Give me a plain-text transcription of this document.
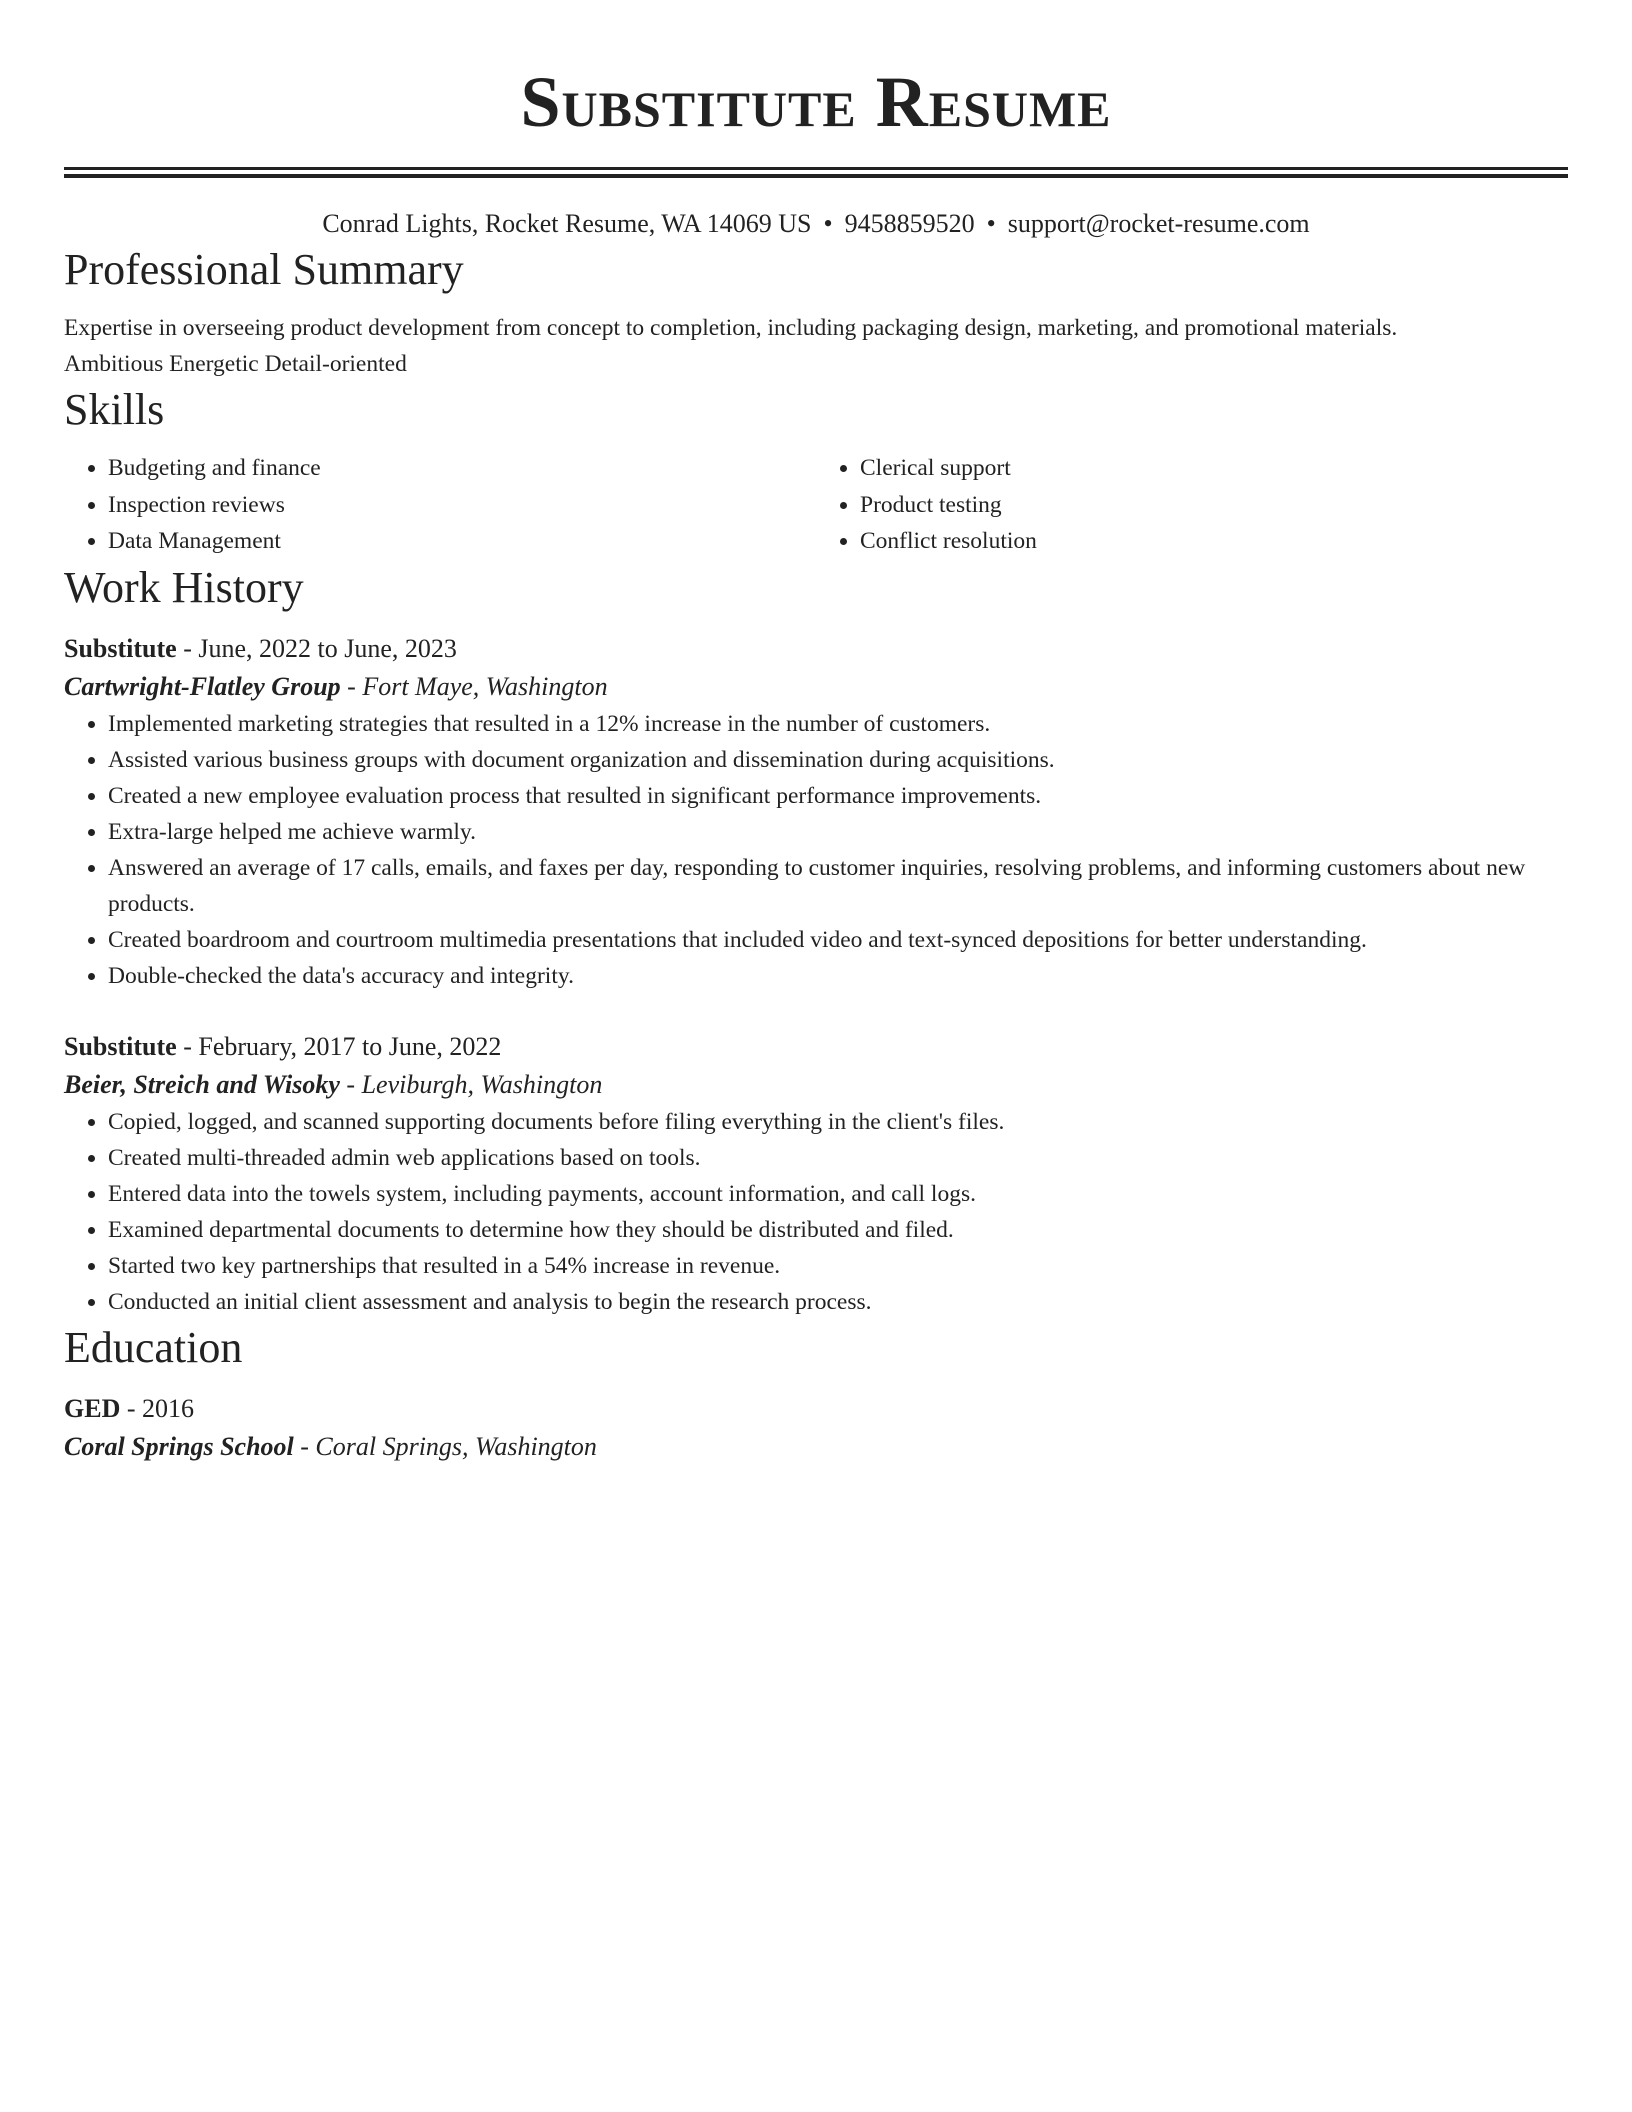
Substitute Resume
Conrad Lights, Rocket Resume, WA 14069 US • 9458859520 • support@rocket-resume.com
Professional Summary
Expertise in overseeing product development from concept to completion, including packaging design, marketing, and promotional materials.
Ambitious Energetic Detail-oriented
Skills
• Budgeting and finance
• Inspection reviews
• Data Management
• Clerical support
• Product testing
• Conflict resolution
Work History
Substitute - June, 2022 to June, 2023
Cartwright-Flatley Group - Fort Maye, Washington
• Implemented marketing strategies that resulted in a 12% increase in the number of customers.
• Assisted various business groups with document organization and dissemination during acquisitions.
• Created a new employee evaluation process that resulted in significant performance improvements.
• Extra-large helped me achieve warmly.
• Answered an average of 17 calls, emails, and faxes per day, responding to customer inquiries, resolving problems, and informing customers about new products.
• Created boardroom and courtroom multimedia presentations that included video and text-synced depositions for better understanding.
• Double-checked the data's accuracy and integrity.
Substitute - February, 2017 to June, 2022
Beier, Streich and Wisoky - Leviburgh, Washington
• Copied, logged, and scanned supporting documents before filing everything in the client's files.
• Created multi-threaded admin web applications based on tools.
• Entered data into the towels system, including payments, account information, and call logs.
• Examined departmental documents to determine how they should be distributed and filed.
• Started two key partnerships that resulted in a 54% increase in revenue.
• Conducted an initial client assessment and analysis to begin the research process.
Education
GED - 2016
Coral Springs School - Coral Springs, Washington
